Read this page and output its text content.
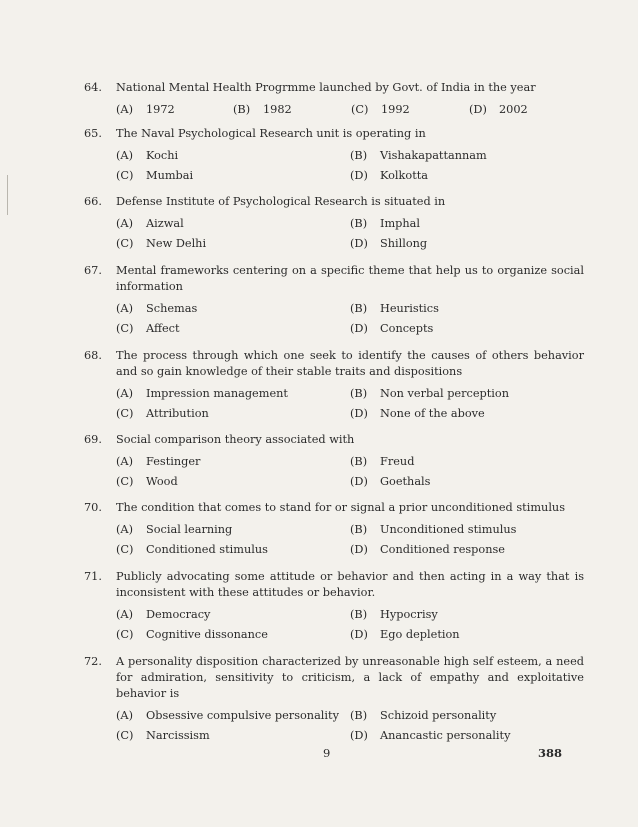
64.	National Mental Health Progrmme launched by Govt. of India in the year
(A)	1972	(B)	1982	(C)	1992	(D)	2002
65.	The Naval Psychological Research unit is operating in
(A)	Kochi	(B)	Vishakapattannam
(C)	Mumbai	(D)	Kolkotta
66.	Defense Institute of Psychological Research is situated in
(A)	Aizwal	(B)	Imphal
(C)	New Delhi	(D)	Shillong
67.	Mental frameworks centering on a specific theme that help us to organize social information
(A)	Schemas	(B)	Heuristics
(C)	Affect	(D)	Concepts
68.	The process through which one seek to identify the causes of others behavior and so gain knowledge of their stable traits and dispositions
(A)	Impression management	(B)	Non verbal perception
(C)	Attribution	(D)	None of the above
69.	Social comparison theory associated with
(A)	Festinger	(B)	Freud
(C)	Wood	(D)	Goethals
70.	The condition that comes to stand for or signal a prior unconditioned stimulus
(A)	Social learning	(B)	Unconditioned stimulus
(C)	Conditioned stimulus	(D)	Conditioned response
71.	Publicly advocating some attitude or behavior and then acting in a way that is inconsistent with these attitudes or behavior.
(A)	Democracy	(B)	Hypocrisy
(C)	Cognitive dissonance	(D)	Ego depletion
72.	A personality disposition characterized by unreasonable high self esteem, a need for admiration, sensitivity to criticism, a lack of empathy and exploitative behavior is
(A)	Obsessive compulsive personality (B)	Schizoid personality
(C)	Narcissism	(D)	Anancastic personality
9	388
